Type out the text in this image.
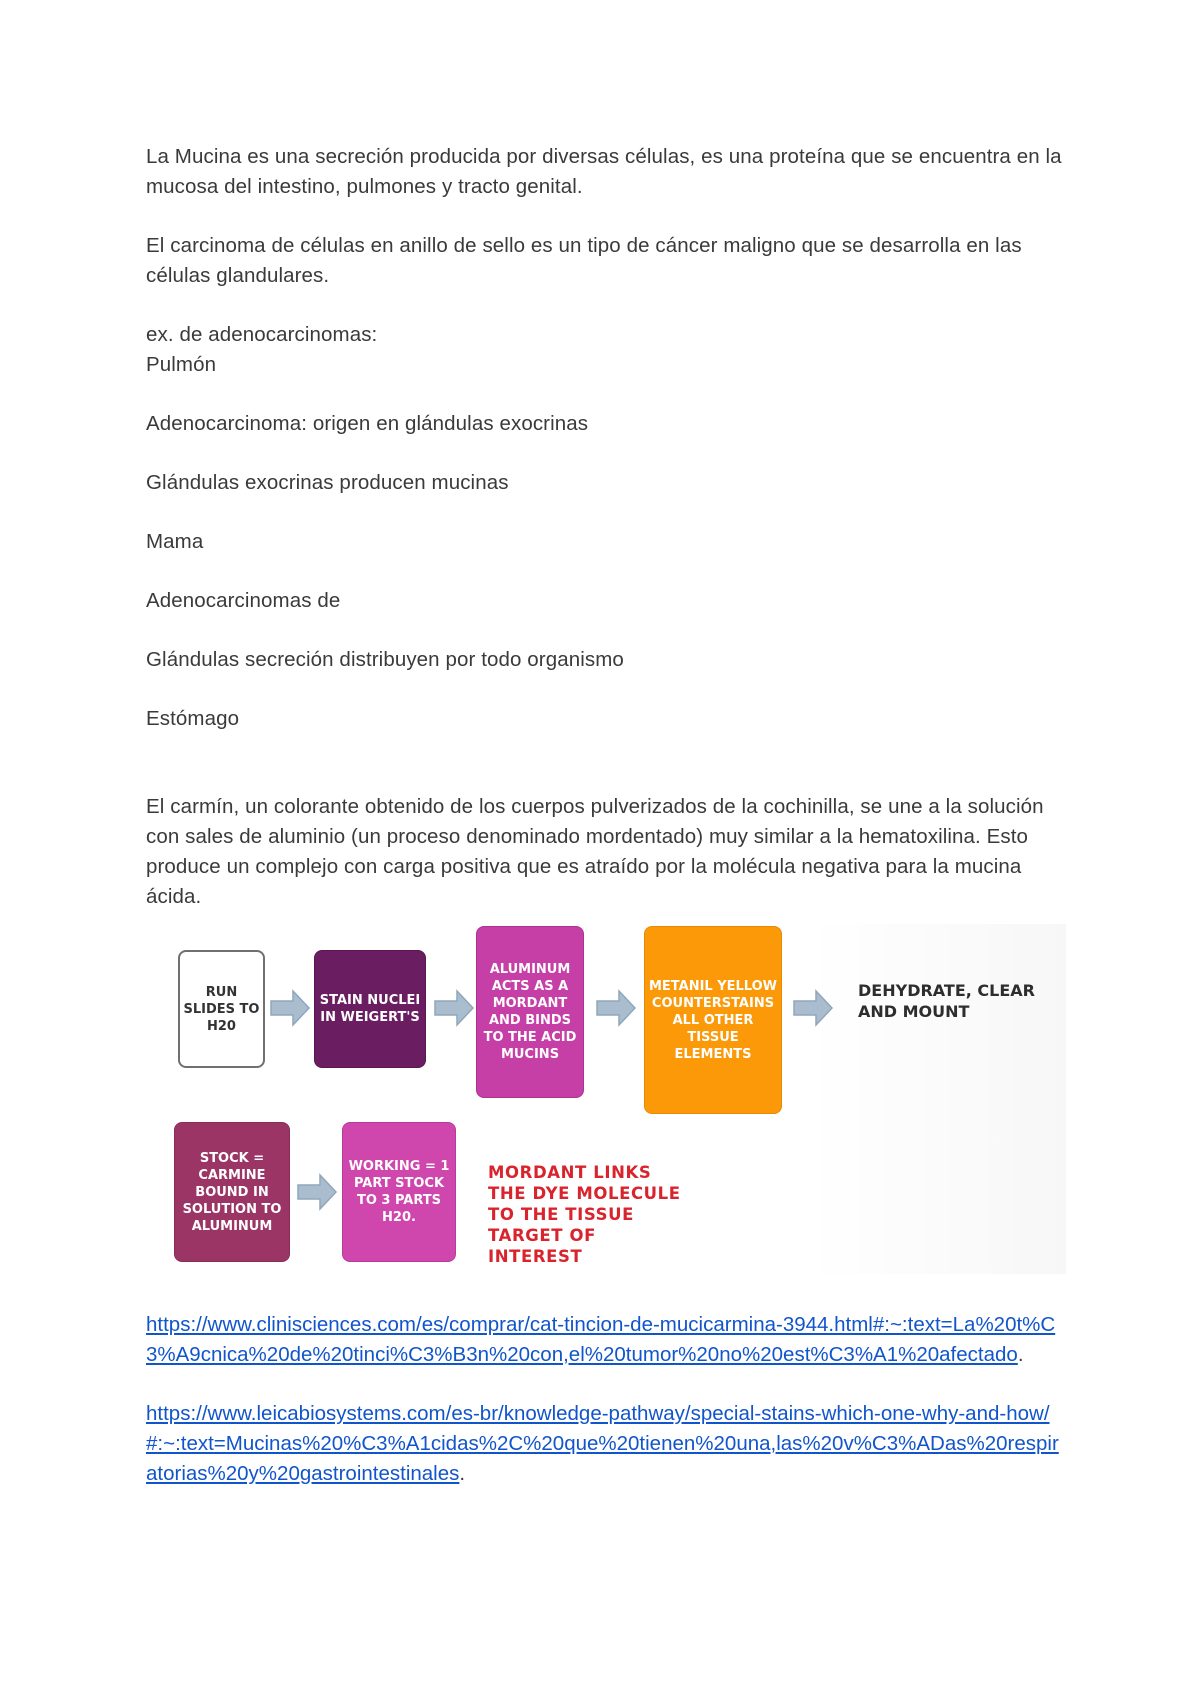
La Mucina es una secreción producida por diversas células, es una proteína que se encuentra en la mucosa del intestino, pulmones y tracto genital.

El carcinoma de células en anillo de sello es un tipo de cáncer maligno que se desarrolla en las células glandulares.

ex. de adenocarcinomas:

Pulmón

Adenocarcinoma: origen en glándulas exocrinas

Glándulas exocrinas producen mucinas

Mama

Adenocarcinomas de

Glándulas secreción distribuyen por todo organismo

Estómago

El carmín, un colorante obtenido de los cuerpos pulverizados de la cochinilla, se une a la solución con sales de aluminio (un proceso denominado mordentado) muy similar a la hematoxilina. Esto produce un complejo con carga positiva que es atraído por la molécula negativa para la mucina ácida.

RUN SLIDES TO H20
STAIN NUCLEI IN WEIGERT'S
ALUMINUM ACTS AS A MORDANT AND BINDS TO THE ACID MUCINS
METANIL YELLOW COUNTERSTAINS ALL OTHER TISSUE ELEMENTS
DEHYDRATE, CLEAR AND MOUNT
STOCK = CARMINE BOUND IN SOLUTION TO ALUMINUM
WORKING = 1 PART STOCK TO 3 PARTS H20.
MORDANT LINKS THE DYE MOLECULE TO THE TISSUE TARGET OF INTEREST

https://www.clinisciences.com/es/comprar/cat-tincion-de-mucicarmina-3944.html#:~:text=La%20t%C3%A9cnica%20de%20tinci%C3%B3n%20con,el%20tumor%20no%20est%C3%A1%20afectado.

https://www.leicabiosystems.com/es-br/knowledge-pathway/special-stains-which-one-why-and-how/#:~:text=Mucinas%20%C3%A1cidas%2C%20que%20tienen%20una,las%20v%C3%ADas%20respiratorias%20y%20gastrointestinales.
